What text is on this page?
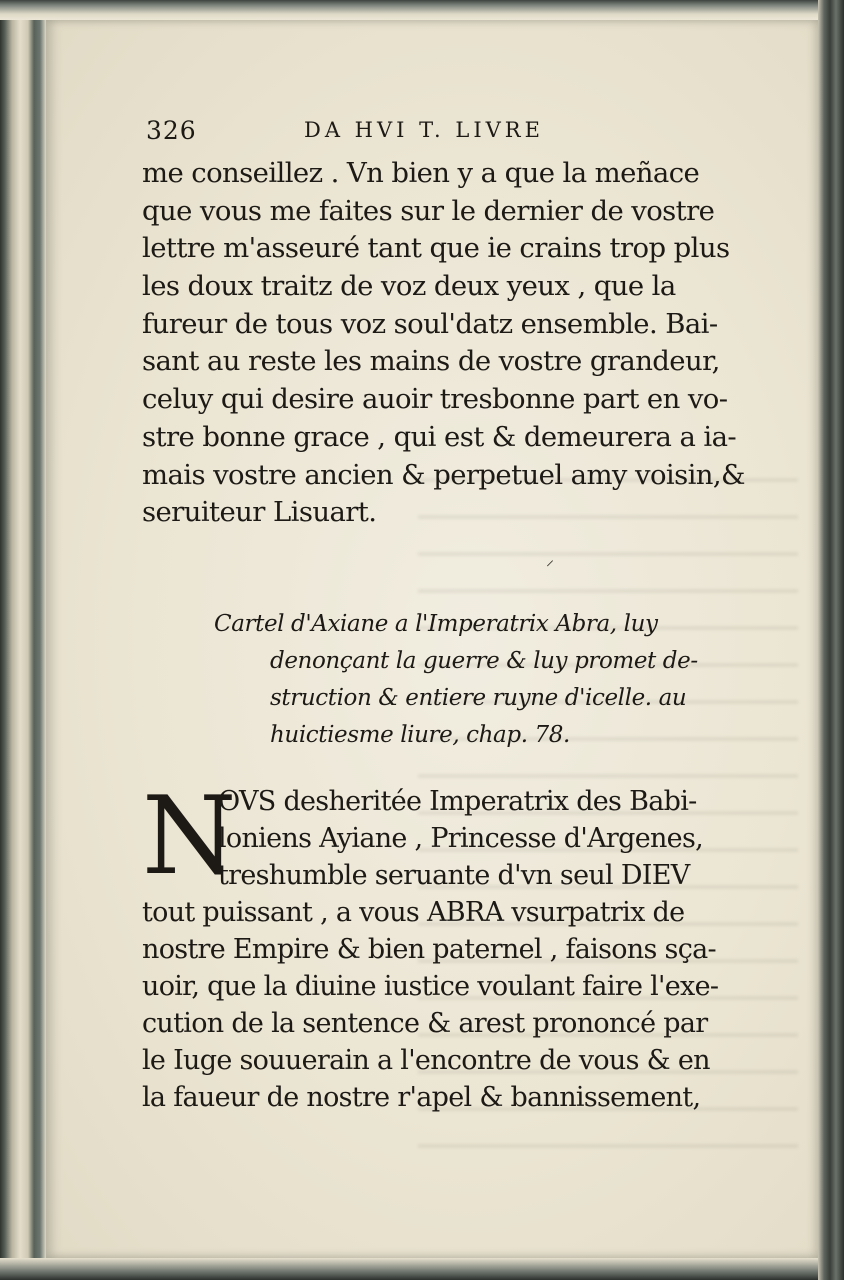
326	DA HVI T. LIVRE
me conseillez . Vn bien y a que la meñace
que vous me faites sur le dernier de vostre
lettre m'asseuré tant que ie crains trop plus
les doux traitz de voz deux yeux , que la
fureur de tous voz soul'datz ensemble. Bai-
sant au reste les mains de vostre grandeur,
celuy qui desire auoir tresbonne part en vo-
stre bonne grace , qui est & demeurera a ia-
mais vostre ancien & perpetuel amy voisin,&
seruiteur Lisuart.
⸝
Cartel d'Axiane a l'Imperatrix Abra, luy
denonçant la guerre & luy promet de-
struction & entiere ruyne d'icelle. au
huictiesme liure, chap. 78.
N
OVS desheritée Imperatrix des Babi-
loniens Ayiane , Princesse d'Argenes,
treshumble seruante d'vn seul DIEV
tout puissant , a vous ABRA vsurpatrix de
nostre Empire & bien paternel , faisons sça-
uoir, que la diuine iustice voulant faire l'exe-
cution de la sentence & arest prononcé par
le Iuge souuerain a l'encontre de vous & en
la faueur de nostre r'apel & bannissement,
